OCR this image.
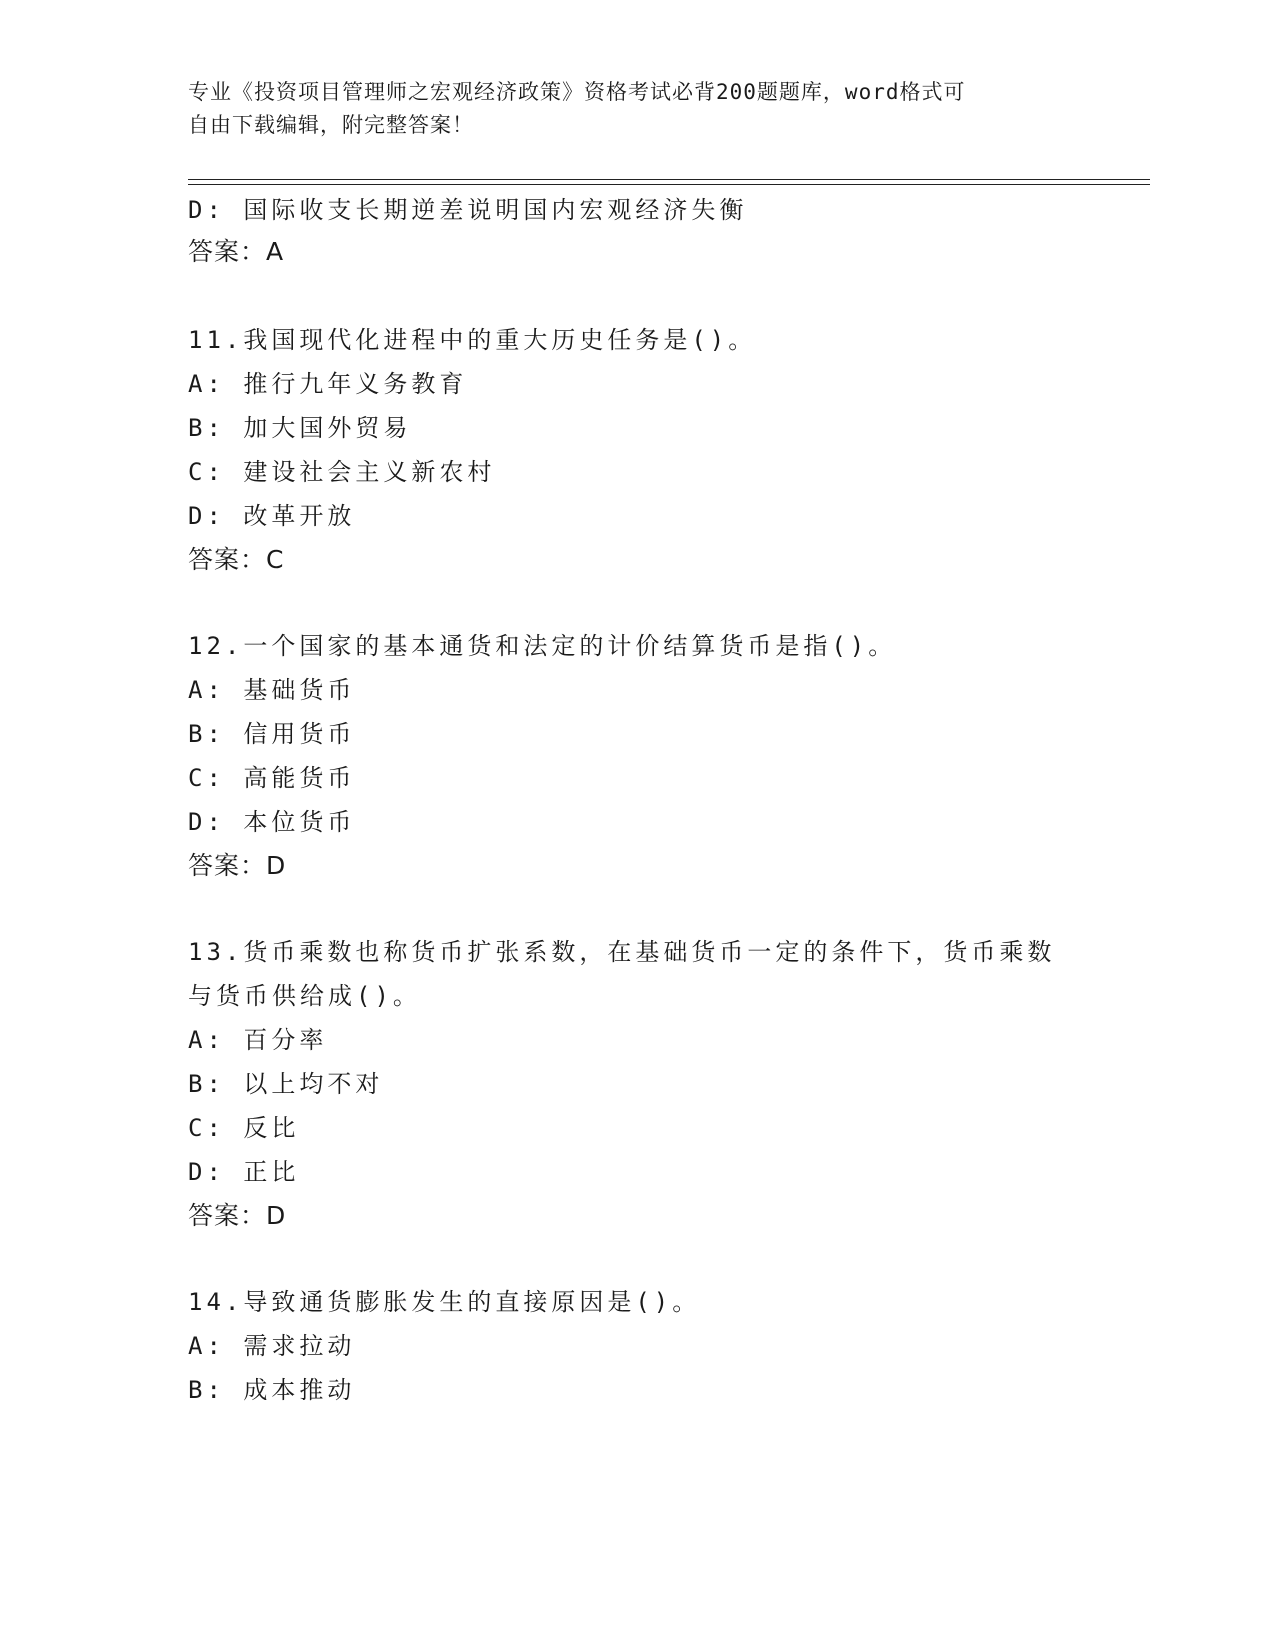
专业《投资项目管理师之宏观经济政策》资格考试必背200题题库，word格式可
自由下载编辑，附完整答案！
D: 国际收支长期逆差说明国内宏观经济失衡
答案：A
11.我国现代化进程中的重大历史任务是()。
A: 推行九年义务教育
B: 加大国外贸易
C: 建设社会主义新农村
D: 改革开放
答案：C
12.一个国家的基本通货和法定的计价结算货币是指()。
A: 基础货币
B: 信用货币
C: 高能货币
D: 本位货币
答案：D
13.货币乘数也称货币扩张系数，在基础货币一定的条件下，货币乘数
与货币供给成()。
A: 百分率
B: 以上均不对
C: 反比
D: 正比
答案：D
14.导致通货膨胀发生的直接原因是()。
A: 需求拉动
B: 成本推动
